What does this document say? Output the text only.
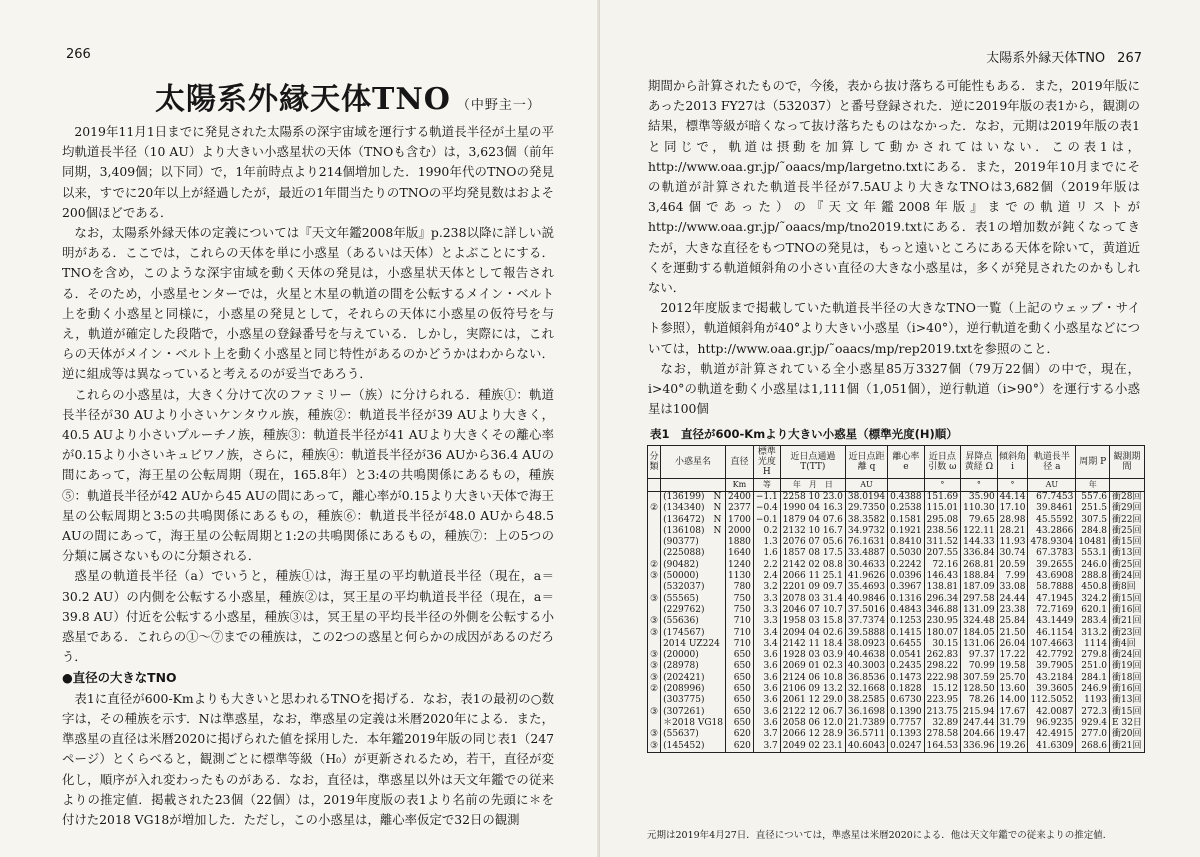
266
太陽系外縁天体TNO （中野主一）

2019年11月1日までに発見された太陽系の深宇宙域を運行する軌道長半径が土星の平均軌道長半径（10 AU）より大きい小惑星状の天体（TNOも含む）は，3,623個（前年同期，3,409個；以下同）で，1年前時点より214個増加した．1990年代のTNOの発見以来，すでに20年以上が経過したが，最近の1年間当たりのTNOの平均発見数はおよそ200個ほどである．

なお，太陽系外縁天体の定義については『天文年鑑2008年版』p.238以降に詳しい説明がある．ここでは，これらの天体を単に小惑星（あるいは天体）とよぶことにする．TNOを含め，このような深宇宙域を動く天体の発見は，小惑星状天体として報告される．そのため，小惑星センターでは，火星と木星の軌道の間を公転するメイン・ベルト上を動く小惑星と同様に，小惑星の発見として，それらの天体に小惑星の仮符号を与え，軌道が確定した段階で，小惑星の登録番号を与えている．しかし，実際には，これらの天体がメイン・ベルト上を動く小惑星と同じ特性があるのかどうかはわからない．逆に組成等は異なっていると考えるのが妥当であろう．

これらの小惑星は，大きく分けて次のファミリー（族）に分けられる．種族①：軌道長半径が30 AUより小さいケンタウル族，種族②：軌道長半径が39 AUより大きく，40.5 AUより小さいプルーチノ族，種族③：軌道長半径が41 AUより大きくその離心率が0.15より小さいキュビワノ族，さらに，種族④：軌道長半径が36 AUから36.4 AUの間にあって，海王星の公転周期（現在，165.8年）と3:4の共鳴関係にあるもの，種族⑤：軌道長半径が42 AUから45 AUの間にあって，離心率が0.15より大きい天体で海王星の公転周期と3:5の共鳴関係にあるもの，種族⑥：軌道長半径が48.0 AUから48.5 AUの間にあって，海王星の公転周期と1:2の共鳴関係にあるもの，種族⑦：上の5つの分類に属さないものに分類される．

惑星の軌道長半径（a）でいうと，種族①は，海王星の平均軌道長半径（現在，a＝30.2 AU）の内側を公転する小惑星，種族②は，冥王星の平均軌道長半径（現在，a＝39.8 AU）付近を公転する小惑星，種族③は，冥王星の平均長半径の外側を公転する小惑星である．これらの①～⑦までの種族は，この2つの惑星と何らかの成因があるのだろう．

●直径の大きなTNO

表1に直径が600-Kmよりも大きいと思われるTNOを掲げる．なお，表1の最初の○数字は，その種族を示す．Nは準惑星，なお，準惑星の定義は米暦2020年による．また，準惑星の直径は米暦2020に掲げられた値を採用した．本年鑑2019年版の同じ表1（247ページ）とくらべると，観測ごとに標準等級（H₀）が更新されるため，若干，直径が変化し，順序が入れ変わったものがある．なお，直径は，準惑星以外は天文年鑑での従来よりの推定値．掲載された23個（22個）は，2019年度版の表1より名前の先頭に＊を付けた2018 VG18が増加した．ただし，この小惑星は，離心率仮定で32日の観測

太陽系外縁天体TNO 267

期間から計算されたもので，今後，表から抜け落ちる可能性もある．また，2019年版にあった2013 FY27は（532037）と番号登録された．逆に2019年版の表1から，観測の結果，標準等級が暗くなって抜け落ちたものはなかった．なお，元期は2019年版の表1と同じで，軌道は摂動を加算して動かされてはいない．この表1は，http://www.oaa.gr.jp/˜oaacs/mp/largetno.txtにある．また，2019年10月までにその軌道が計算された軌道長半径が7.5AUより大きなTNOは3,682個（2019年版は3,464個であった）の『天文年鑑2008年版』までの軌道リストがhttp://www.oaa.gr.jp/˜oaacs/mp/tno2019.txtにある．表1の増加数が鈍くなってきたが，大きな直径をもつTNOの発見は，もっと遠いところにある天体を除いて，黄道近くを運動する軌道傾斜角の小さい直径の大きな小惑星は，多くが発見されたのかもしれない．

2012年度版まで掲載していた軌道長半径の大きなTNO一覧（上記のウェッブ・サイト参照），軌道傾斜角が40°より大きい小惑星（i>40°），逆行軌道を動く小惑星などについては，http://www.oaa.gr.jp/˜oaacs/mp/rep2019.txtを参照のこと．

なお，軌道が計算されている全小惑星85万3327個（79万22個）の中で，現在，i>40°の軌道を動く小惑星は1,111個（1,051個），逆行軌道（i>90°）を運行する小惑星は100個

表1　直径が600-Kmより大きい小惑星（標準光度(H)順）
分類	小惑星名	直径	標準光度H	近日点通過 T(TT)	近日点距離 q	離心率 e	近日点引数 ω	昇降点黄経 Ω	傾斜角 i	軌道長半径 a	周期 P	観測期間
		Km	等	年　月　日	AU		°	°	°	AU	年	
	(136199)　N	2400	−1.1	2258 10 23.0	38.0194	0.4388	151.69	35.90	44.14	67.7453	557.6	衝28回
②	(134340)　N	2377	−0.4	1990 04 16.3	29.7350	0.2538	115.01	110.30	17.10	39.8461	251.5	衝29回
	(136472)　N	1700	−0.1	1879 04 07.6	38.3582	0.1581	295.08	79.65	28.98	45.5592	307.5	衝22回
	(136108)　N	2000	0.2	2132 10 16.7	34.9732	0.1921	238.56	122.11	28.21	43.2866	284.8	衝25回
	(90377)	1880	1.3	2076 07 05.6	76.1631	0.8410	311.52	144.33	11.93	478.9304	10481	衝15回
	(225088)	1640	1.6	1857 08 17.5	33.4887	0.5030	207.55	336.84	30.74	67.3783	553.1	衝13回
②	(90482)	1240	2.2	2142 02 08.8	30.4633	0.2242	72.16	268.81	20.59	39.2655	246.0	衝25回
③	(50000)	1130	2.4	2066 11 25.1	41.9626	0.0396	146.43	188.84	7.99	43.6908	288.8	衝24回
	(532037)	780	3.2	2201 09 09.7	35.4693	0.3967	138.81	187.09	33.08	58.7888	450.8	衝8回
③	(55565)	750	3.3	2078 03 31.4	40.9846	0.1316	296.34	297.58	24.44	47.1945	324.2	衝15回
	(229762)	750	3.3	2046 07 10.7	37.5016	0.4843	346.88	131.09	23.38	72.7169	620.1	衝16回
③	(55636)	710	3.3	1958 03 15.8	37.7374	0.1253	230.95	324.48	25.84	43.1449	283.4	衝21回
③	(174567)	710	3.4	2094 04 02.6	39.5888	0.1415	180.07	184.05	21.50	46.1154	313.2	衝23回
	2014 UZ224	710	3.4	2142 11 18.4	38.0923	0.6455	30.15	131.06	26.04	107.4663	1114	衝4回
③	(20000)	650	3.6	1928 03 03.9	40.4638	0.0541	262.83	97.37	17.22	42.7792	279.8	衝24回
③	(28978)	650	3.6	2069 01 02.3	40.3003	0.2435	298.22	70.99	19.58	39.7905	251.0	衝19回
③	(202421)	650	3.6	2124 06 10.8	36.8536	0.1473	222.98	307.59	25.70	43.2184	284.1	衝18回
②	(208996)	650	3.6	2106 09 13.2	32.1668	0.1828	15.12	128.50	13.60	39.3605	246.9	衝16回
	(303775)	650	3.6	2061 12 29.0	38.2585	0.6730	223.95	78.26	14.00	112.5052	1193	衝13回
③	(307261)	650	3.6	2122 12 06.7	36.1698	0.1390	213.75	215.94	17.67	42.0087	272.3	衝15回
	＊2018 VG18	650	3.6	2058 06 12.0	21.7389	0.7757	32.89	247.44	31.79	96.9235	929.4	E 32日
③	(55637)	620	3.7	2066 12 28.9	36.5711	0.1393	278.58	204.66	19.47	42.4915	277.0	衝20回
③	(145452)	620	3.7	2049 02 23.1	40.6043	0.0247	164.53	336.96	19.26	41.6309	268.6	衝21回
元期は2019年4月27日．直径については，準惑星は米暦2020による．他は天文年鑑での従来よりの推定値．
